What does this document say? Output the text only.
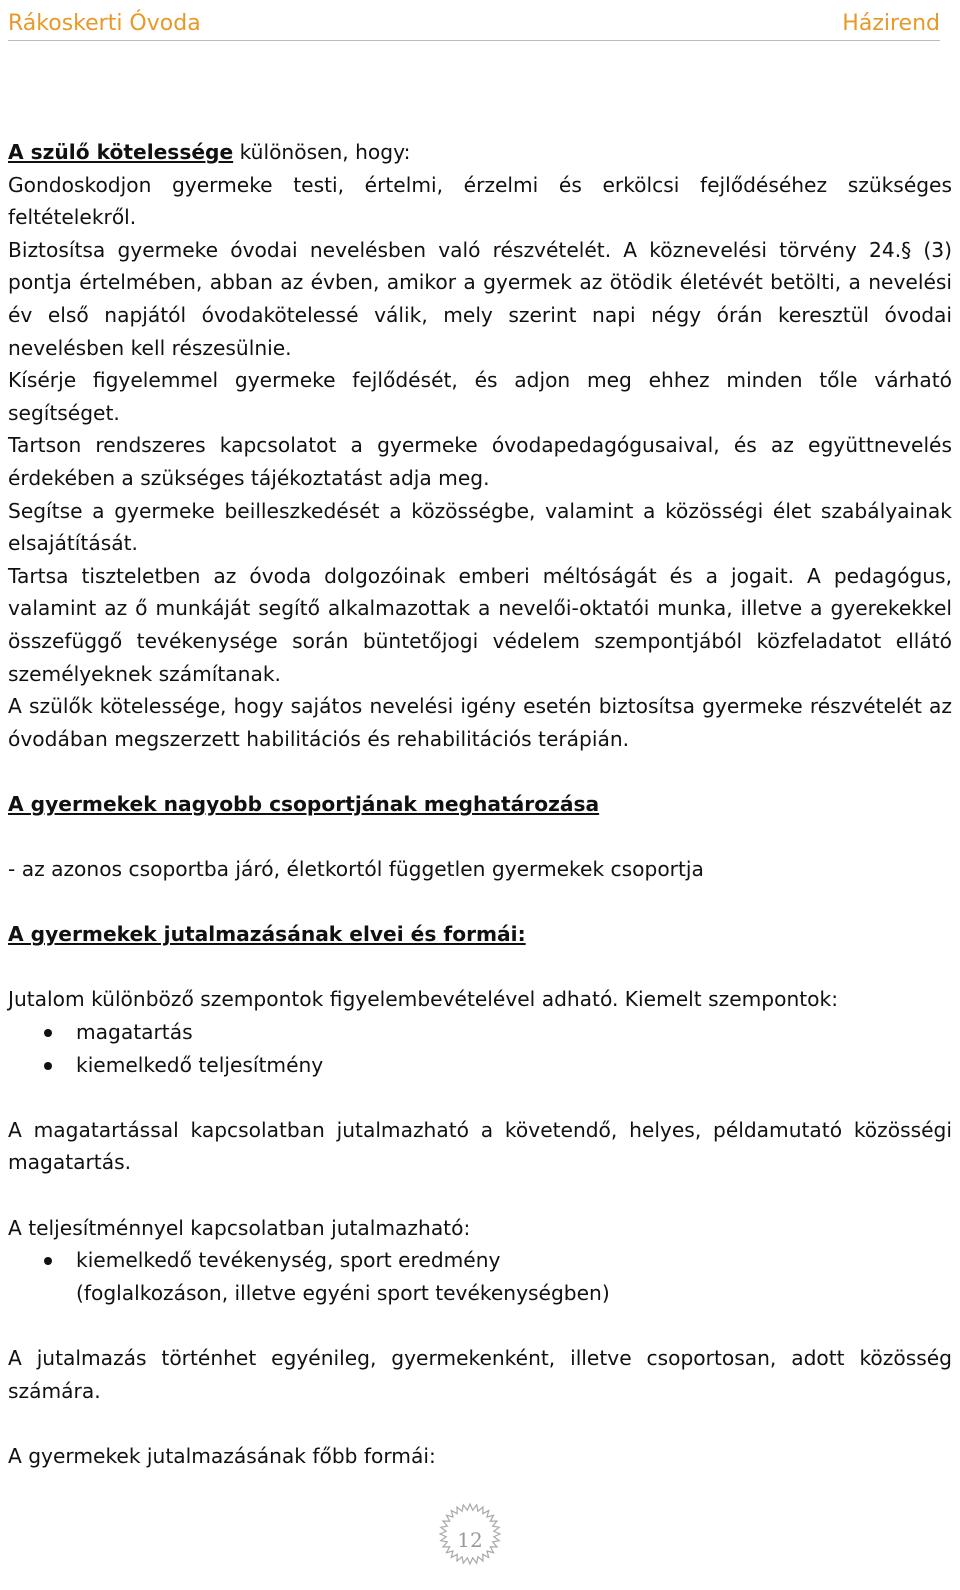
Rákoskerti Óvoda	Házirend

A szülő kötelessége különösen, hogy:

Gondoskodjon gyermeke testi, értelmi, érzelmi és erkölcsi fejlődéséhez szükséges feltételekről.

Biztosítsa gyermeke óvodai nevelésben való részvételét. A köznevelési törvény 24.§ (3) pontja értelmében, abban az évben, amikor a gyermek az ötödik életévét betölti, a nevelési év első napjától óvodakötelessé válik, mely szerint napi négy órán keresztül óvodai nevelésben kell részesülnie.

Kísérje figyelemmel gyermeke fejlődését, és adjon meg ehhez minden tőle várható segítséget.

Tartson rendszeres kapcsolatot a gyermeke óvodapedagógusaival, és az együttnevelés érdekében a szükséges tájékoztatást adja meg.

Segítse a gyermeke beilleszkedését a közösségbe, valamint a közösségi élet szabályainak elsajátítását.

Tartsa tiszteletben az óvoda dolgozóinak emberi méltóságát és a jogait. A pedagógus, valamint az ő munkáját segítő alkalmazottak a nevelői-oktatói munka, illetve a gyerekekkel összefüggő tevékenysége során büntetőjogi védelem szempontjából közfeladatot ellátó személyeknek számítanak.

A szülők kötelessége, hogy sajátos nevelési igény esetén biztosítsa gyermeke részvételét az óvodában megszerzett habilitációs és rehabilitációs terápián.

A gyermekek nagyobb csoportjának meghatározása

- az azonos csoportba járó, életkortól független gyermekek csoportja

A gyermekek jutalmazásának elvei és formái:

Jutalom különböző szempontok figyelembevételével adható. Kiemelt szempontok:

magatartás
kiemelkedő teljesítmény

A magatartással kapcsolatban jutalmazható a követendő, helyes, példamutató közösségi magatartás.

A teljesítménnyel kapcsolatban jutalmazható:

kiemelkedő tevékenység, sport eredmény

(foglalkozáson, illetve egyéni sport tevékenységben)

A jutalmazás történhet egyénileg, gyermekenként, illetve csoportosan, adott közösség számára.

A gyermekek jutalmazásának főbb formái:

12
